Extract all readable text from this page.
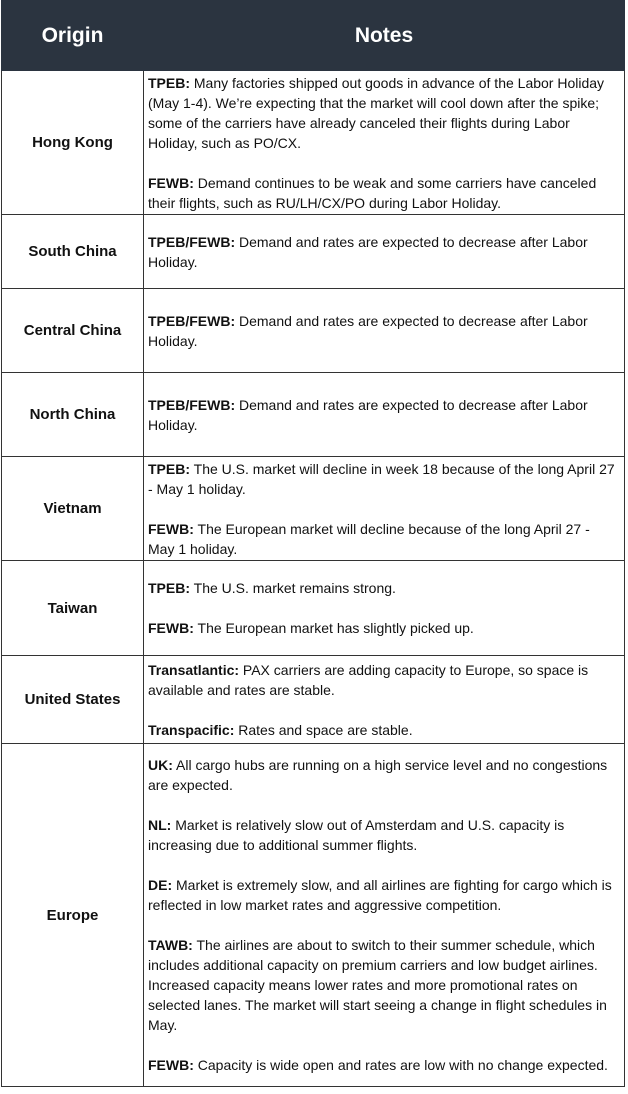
Origin	Notes
Hong Kong	TPEB: Many factories shipped out goods in advance of the Labor Holiday (May 1-4). We’re expecting that the market will cool down after the spike; some of the carriers have already canceled their flights during Labor Holiday, such as PO/CX.

FEWB: Demand continues to be weak and some carriers have canceled their flights, such as RU/LH/CX/PO during Labor Holiday.

South China	TPEB/FEWB: Demand and rates are expected to decrease after Labor Holiday.

Central China	TPEB/FEWB: Demand and rates are expected to decrease after Labor Holiday.

North China	TPEB/FEWB: Demand and rates are expected to decrease after Labor Holiday.

Vietnam	TPEB: The U.S. market will decline in week 18 because of the long April 27 - May 1 holiday.

FEWB: The European market will decline because of the long April 27 - May 1 holiday.

Taiwan	TPEB: The U.S. market remains strong.

FEWB: The European market has slightly picked up.

United States	Transatlantic: PAX carriers are adding capacity to Europe, so space is available and rates are stable.

Transpacific: Rates and space are stable.

Europe	UK: All cargo hubs are running on a high service level and no congestions are expected.

NL: Market is relatively slow out of Amsterdam and U.S. capacity is increasing due to additional summer flights.

DE: Market is extremely slow, and all airlines are fighting for cargo which is reflected in low market rates and aggressive competition.

TAWB: The airlines are about to switch to their summer schedule, which includes additional capacity on premium carriers and low budget airlines. Increased capacity means lower rates and more promotional rates on selected lanes. The market will start seeing a change in flight schedules in May.

FEWB: Capacity is wide open and rates are low with no change expected.
